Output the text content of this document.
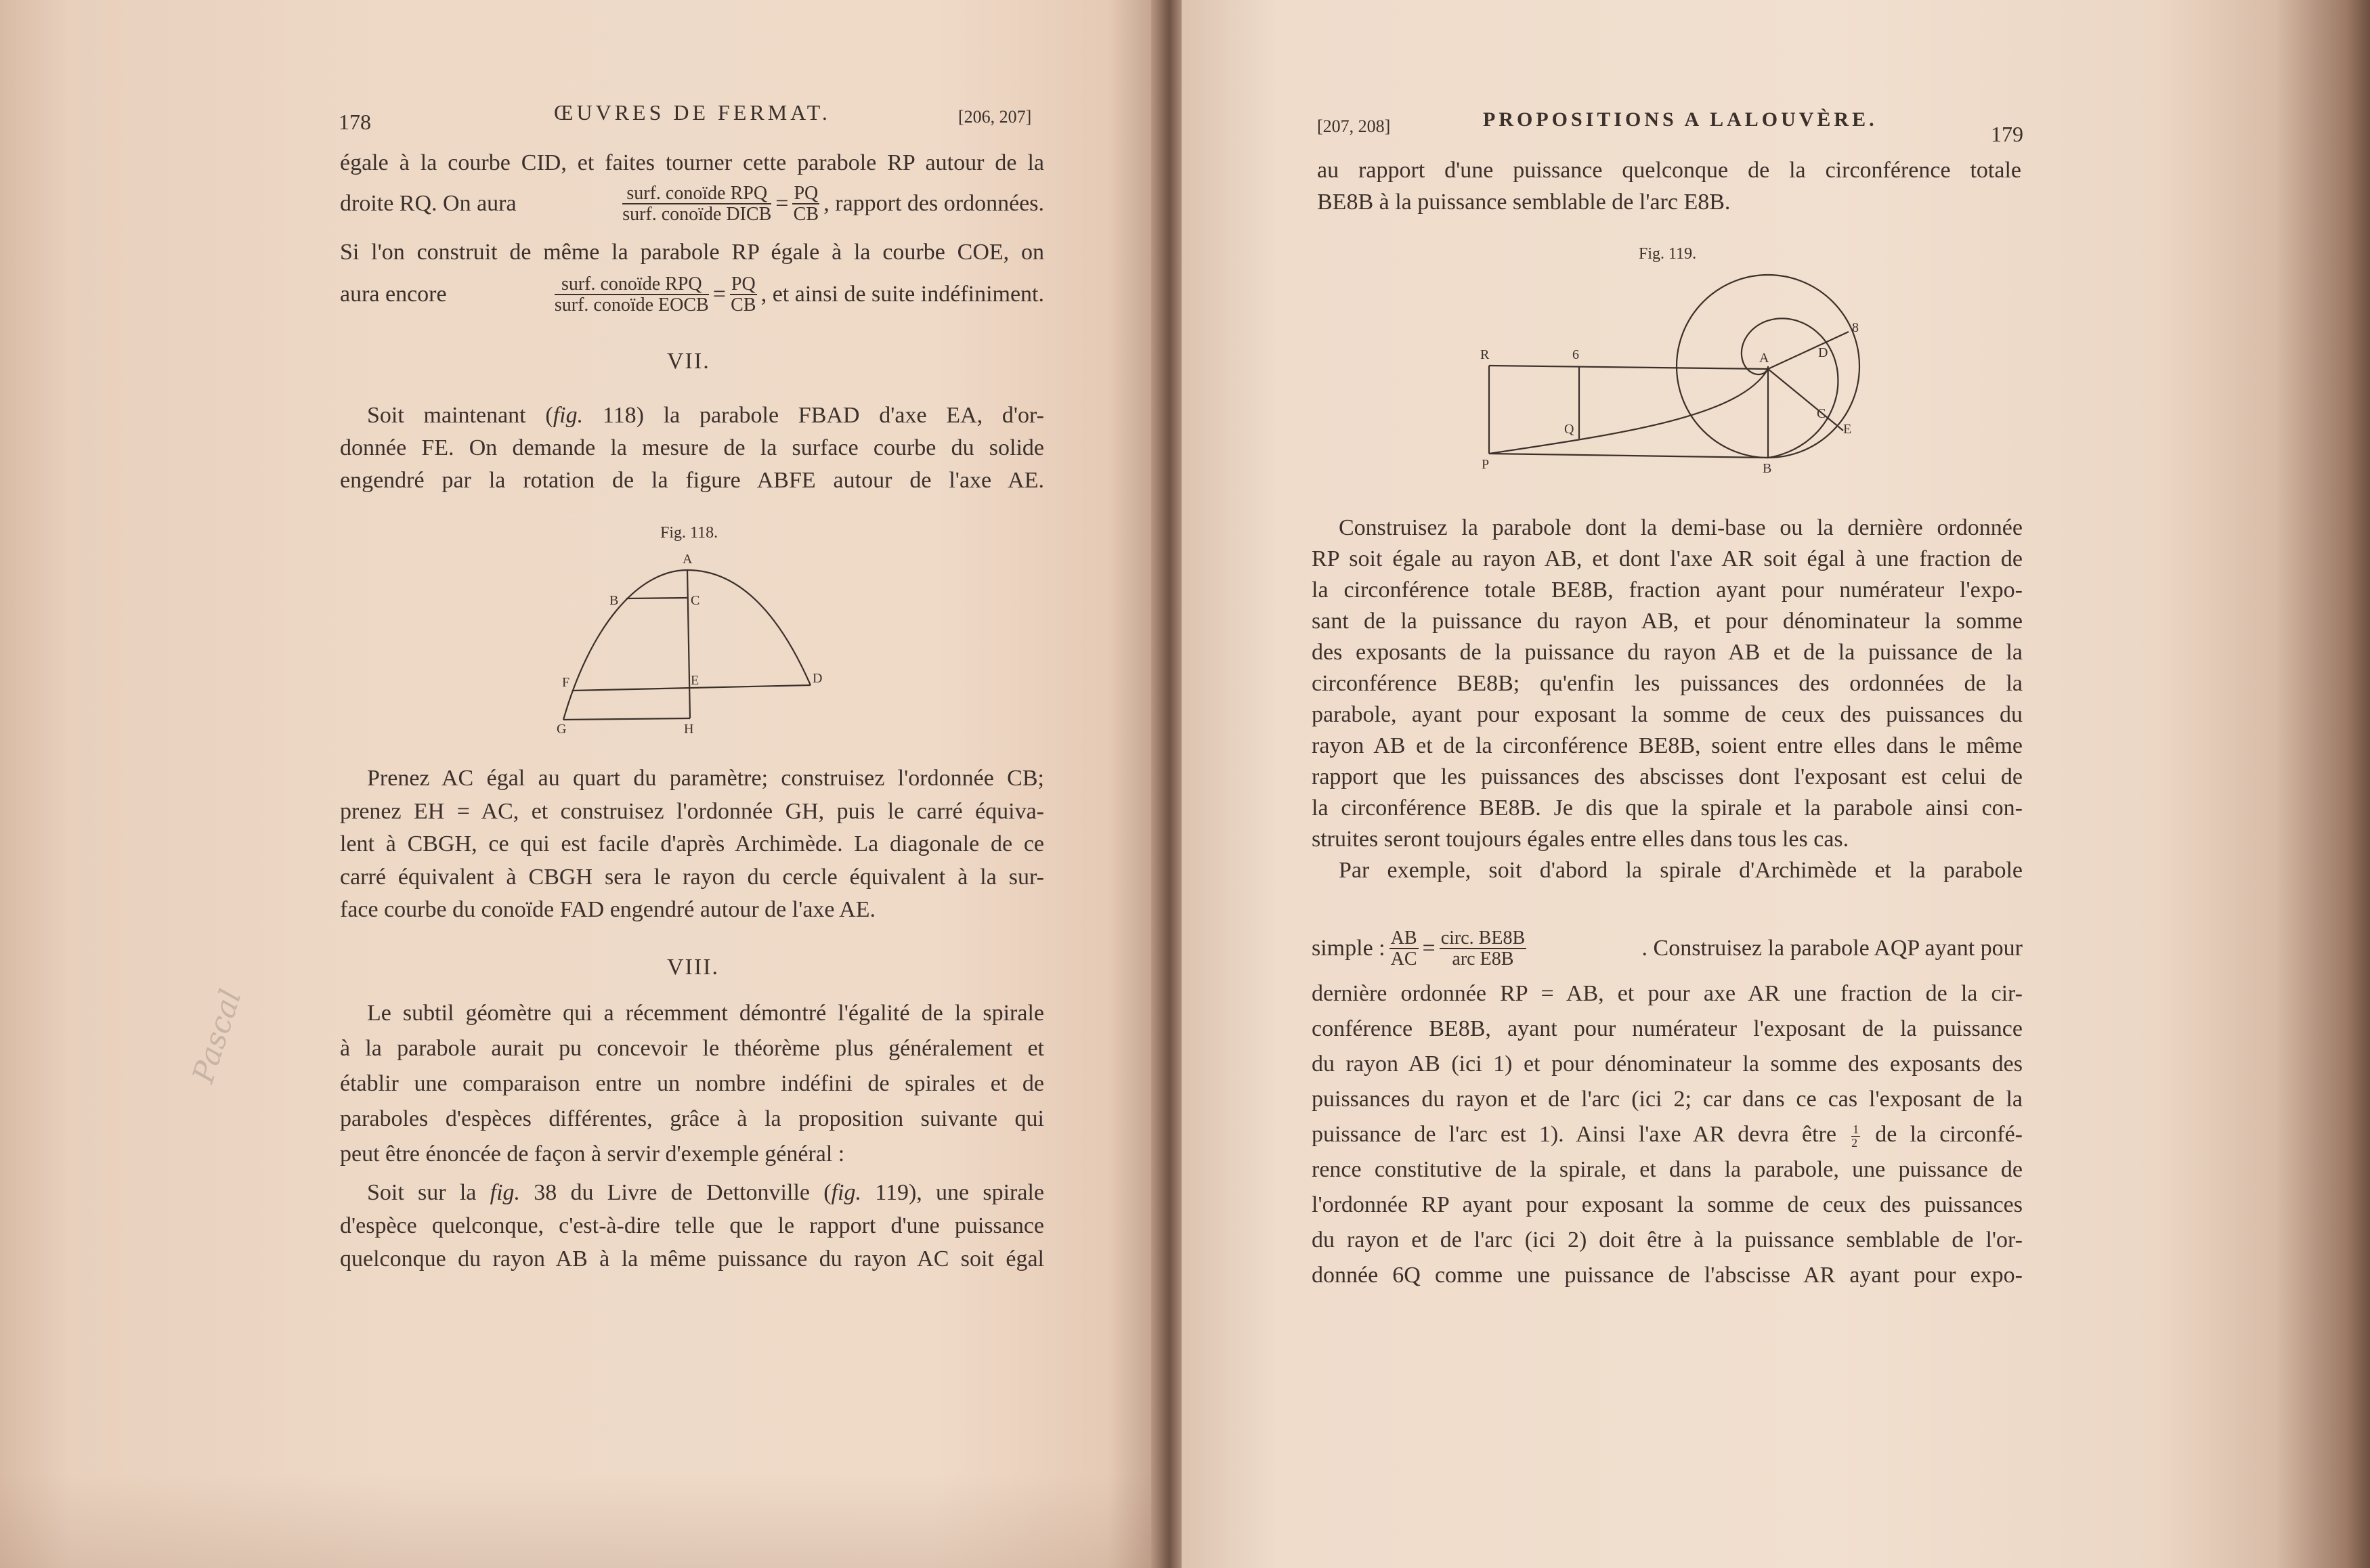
178	ŒUVRES DE FERMAT.	[206, 207]
égale à la courbe CID, et faites tourner cette parabole RP autour de la
droite RQ. On aura	$\frac{\text{surf. conoïde RPQ}}{\text{surf. conoïde DICB}} = \frac{PQ}{CB}$ , rapport des ordonnées.
Si l'on construit de même la parabole RP égale à la courbe COE, on
aura encore	$\frac{\text{surf. conoïde RPQ}}{\text{surf. conoïde EOCB}} = \frac{PQ}{CB}$ , et ainsi de suite indéfiniment.
VII.
Soit maintenant (fig. 118) la parabole FBAD d'axe EA, d'or-
donnée FE. On demande la mesure de la surface courbe du solide
engendré par la rotation de la figure ABFE autour de l'axe AE.
Prenez AC égal au quart du paramètre; construisez l'ordonnée CB;
prenez EH = AC, et construisez l'ordonnée GH, puis le carré équiva-
lent à CBGH, ce qui est facile d'après Archimède. La diagonale de ce
carré équivalent à CBGH sera le rayon du cercle équivalent à la sur-
face courbe du conoïde FAD engendré autour de l'axe AE.
VIII.
Le subtil géomètre qui a récemment démontré l'égalité de la spirale
à la parabole aurait pu concevoir le théorème plus généralement et
établir une comparaison entre un nombre indéfini de spirales et de
paraboles d'espèces différentes, grâce à la proposition suivante qui
peut être énoncée de façon à servir d'exemple général :
Soit sur la fig. 38 du Livre de Dettonville (fig. 119), une spirale
d'espèce quelconque, c'est-à-dire telle que le rapport d'une puissance
quelconque du rayon AB à la même puissance du rayon AC soit égal
Pascal
[207, 208]	PROPOSITIONS A LALOUVÈRE.
179
au rapport d'une puissance quelconque de la circonférence totale
BE8B à la puissance semblable de l'arc E8B.
Construisez la parabole dont la demi-base ou la dernière ordonnée
RP soit égale au rayon AB, et dont l'axe AR soit égal à une fraction de
la circonférence totale BE8B, fraction ayant pour numérateur l'expo-
sant de la puissance du rayon AB, et pour dénominateur la somme
des exposants de la puissance du rayon AB et de la puissance de la
circonférence BE8B; qu'enfin les puissances des ordonnées de la
parabole, ayant pour exposant la somme de ceux des puissances du
rayon AB et de la circonférence BE8B, soient entre elles dans le même
rapport que les puissances des abscisses dont l'exposant est celui de
la circonférence BE8B. Je dis que la spirale et la parabole ainsi con-
struites seront toujours égales entre elles dans tous les cas.
Par exemple, soit d'abord la spirale d'Archimède et la parabole
simple : $\frac{AB}{AC} = \frac{\text{circ. BE8B}}{\text{arc E8B}}$	. Construisez la parabole AQP ayant pour
dernière ordonnée RP = AB, et pour axe AR une fraction de la cir-
conférence BE8B, ayant pour numérateur l'exposant de la puissance
du rayon AB (ici 1) et pour dénominateur la somme des exposants des
puissances du rayon et de l'arc (ici 2; car dans ce cas l'exposant de la
puissance de l'arc est 1). Ainsi l'axe AR devra être $\frac{1}{2}$ de la circonfé-
rence constitutive de la spirale, et dans la parabole, une puissance de
l'ordonnée RP ayant pour exposant la somme de ceux des puissances
du rayon et de l'arc (ici 2) doit être à la puissance semblable de l'or-
donnée 6Q comme une puissance de l'abscisse AR ayant pour expo-
Fig. 118.
A
B	C
D
E
F
G	H
Fig. 119.
R	6	A	D
8
C
E
Q
P	B
